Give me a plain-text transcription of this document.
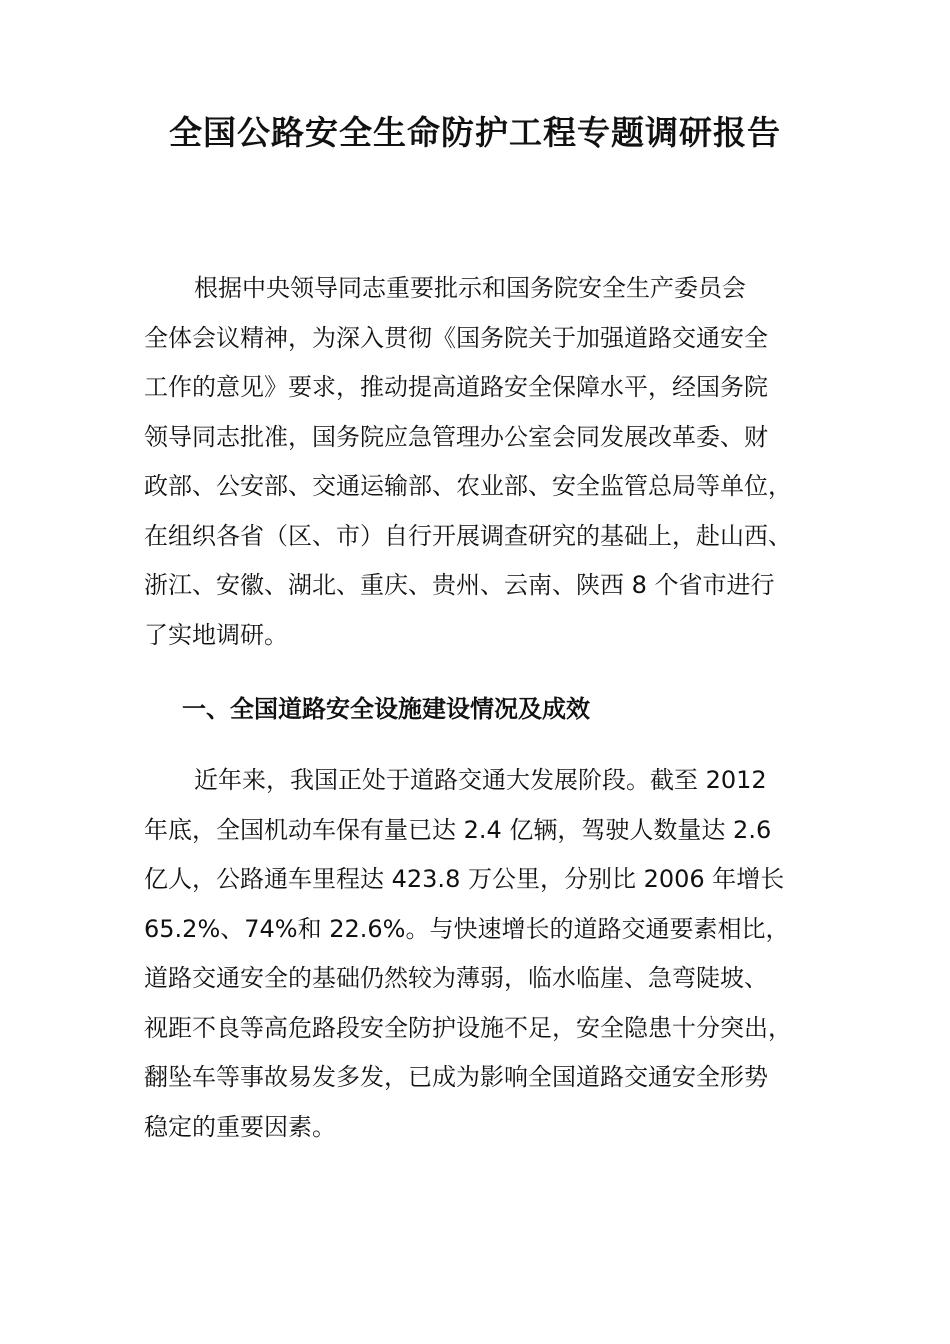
全国公路安全生命防护工程专题调研报告

根据中央领导同志重要批示和国务院安全生产委员会
全体会议精神，为深入贯彻《国务院关于加强道路交通安全
工作的意见》要求，推动提高道路安全保障水平，经国务院
领导同志批准，国务院应急管理办公室会同发展改革委、财
政部、公安部、交通运输部、农业部、安全监管总局等单位，
在组织各省（区、市）自行开展调查研究的基础上，赴山西、
浙江、安徽、湖北、重庆、贵州、云南、陕西 8 个省市进行
了实地调研。

一、全国道路安全设施建设情况及成效

近年来，我国正处于道路交通大发展阶段。截至 2012
年底，全国机动车保有量已达 2.4 亿辆，驾驶人数量达 2.6
亿人，公路通车里程达 423.8 万公里，分别比 2006 年增长
65.2%、74%和 22.6%。与快速增长的道路交通要素相比，
道路交通安全的基础仍然较为薄弱，临水临崖、急弯陡坡、
视距不良等高危路段安全防护设施不足，安全隐患十分突出，
翻坠车等事故易发多发，已成为影响全国道路交通安全形势
稳定的重要因素。
